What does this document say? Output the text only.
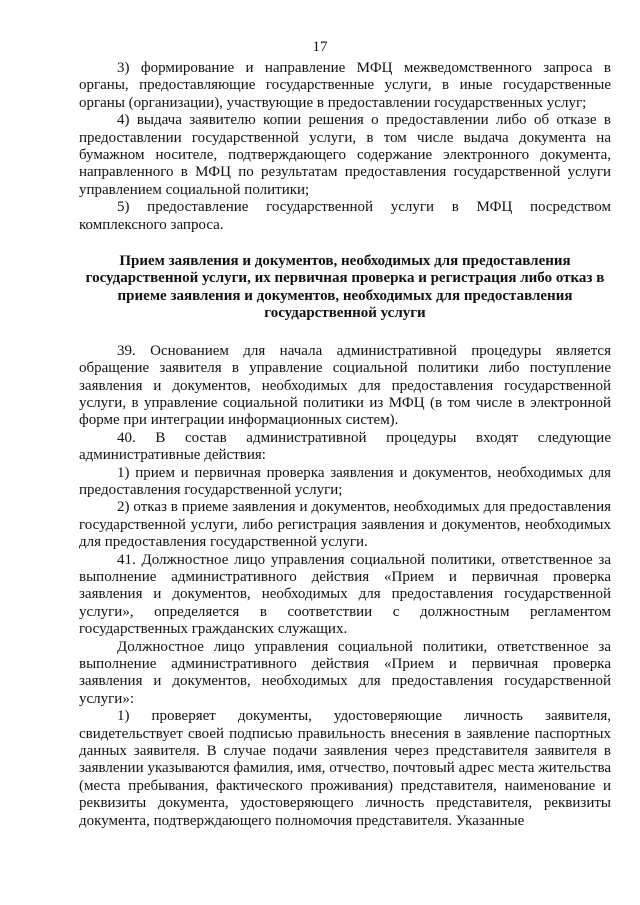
17

3) формирование и направление МФЦ межведомственного запроса в органы, предоставляющие государственные услуги, в иные государственные органы (организации), участвующие в предоставлении государственных услуг;

4) выдача заявителю копии решения о предоставлении либо об отказе в предоставлении государственной услуги, в том числе выдача документа на бумажном носителе, подтверждающего содержание электронного документа, направленного в МФЦ по результатам предоставления государственной услуги управлением социальной политики;

5) предоставление государственной услуги в МФЦ посредством комплексного запроса.

Прием заявления и документов, необходимых для предоставления государственной услуги, их первичная проверка и регистрация либо отказ в приеме заявления и документов, необходимых для предоставления государственной услуги

39. Основанием для начала административной процедуры является обращение заявителя в управление социальной политики либо поступление заявления и документов, необходимых для предоставления государственной услуги, в управление социальной политики из МФЦ (в том числе в электронной форме при интеграции информационных систем).

40. В состав административной процедуры входят следующие административные действия:

1) прием и первичная проверка заявления и документов, необходимых для предоставления государственной услуги;

2) отказ в приеме заявления и документов, необходимых для предоставления государственной услуги, либо регистрация заявления и документов, необходимых для предоставления государственной услуги.

41. Должностное лицо управления социальной политики, ответственное за выполнение административного действия «Прием и первичная проверка заявления и документов, необходимых для предоставления государственной услуги», определяется в соответствии с должностным регламентом государственных гражданских служащих.

Должностное лицо управления социальной политики, ответственное за выполнение административного действия «Прием и первичная проверка заявления и документов, необходимых для предоставления государственной услуги»:

1) проверяет документы, удостоверяющие личность заявителя, свидетельствует своей подписью правильность внесения в заявление паспортных данных заявителя. В случае подачи заявления через представителя заявителя в заявлении указываются фамилия, имя, отчество, почтовый адрес места жительства (места пребывания, фактического проживания) представителя, наименование и реквизиты документа, удостоверяющего личность представителя, реквизиты документа, подтверждающего полномочия представителя. Указанные
